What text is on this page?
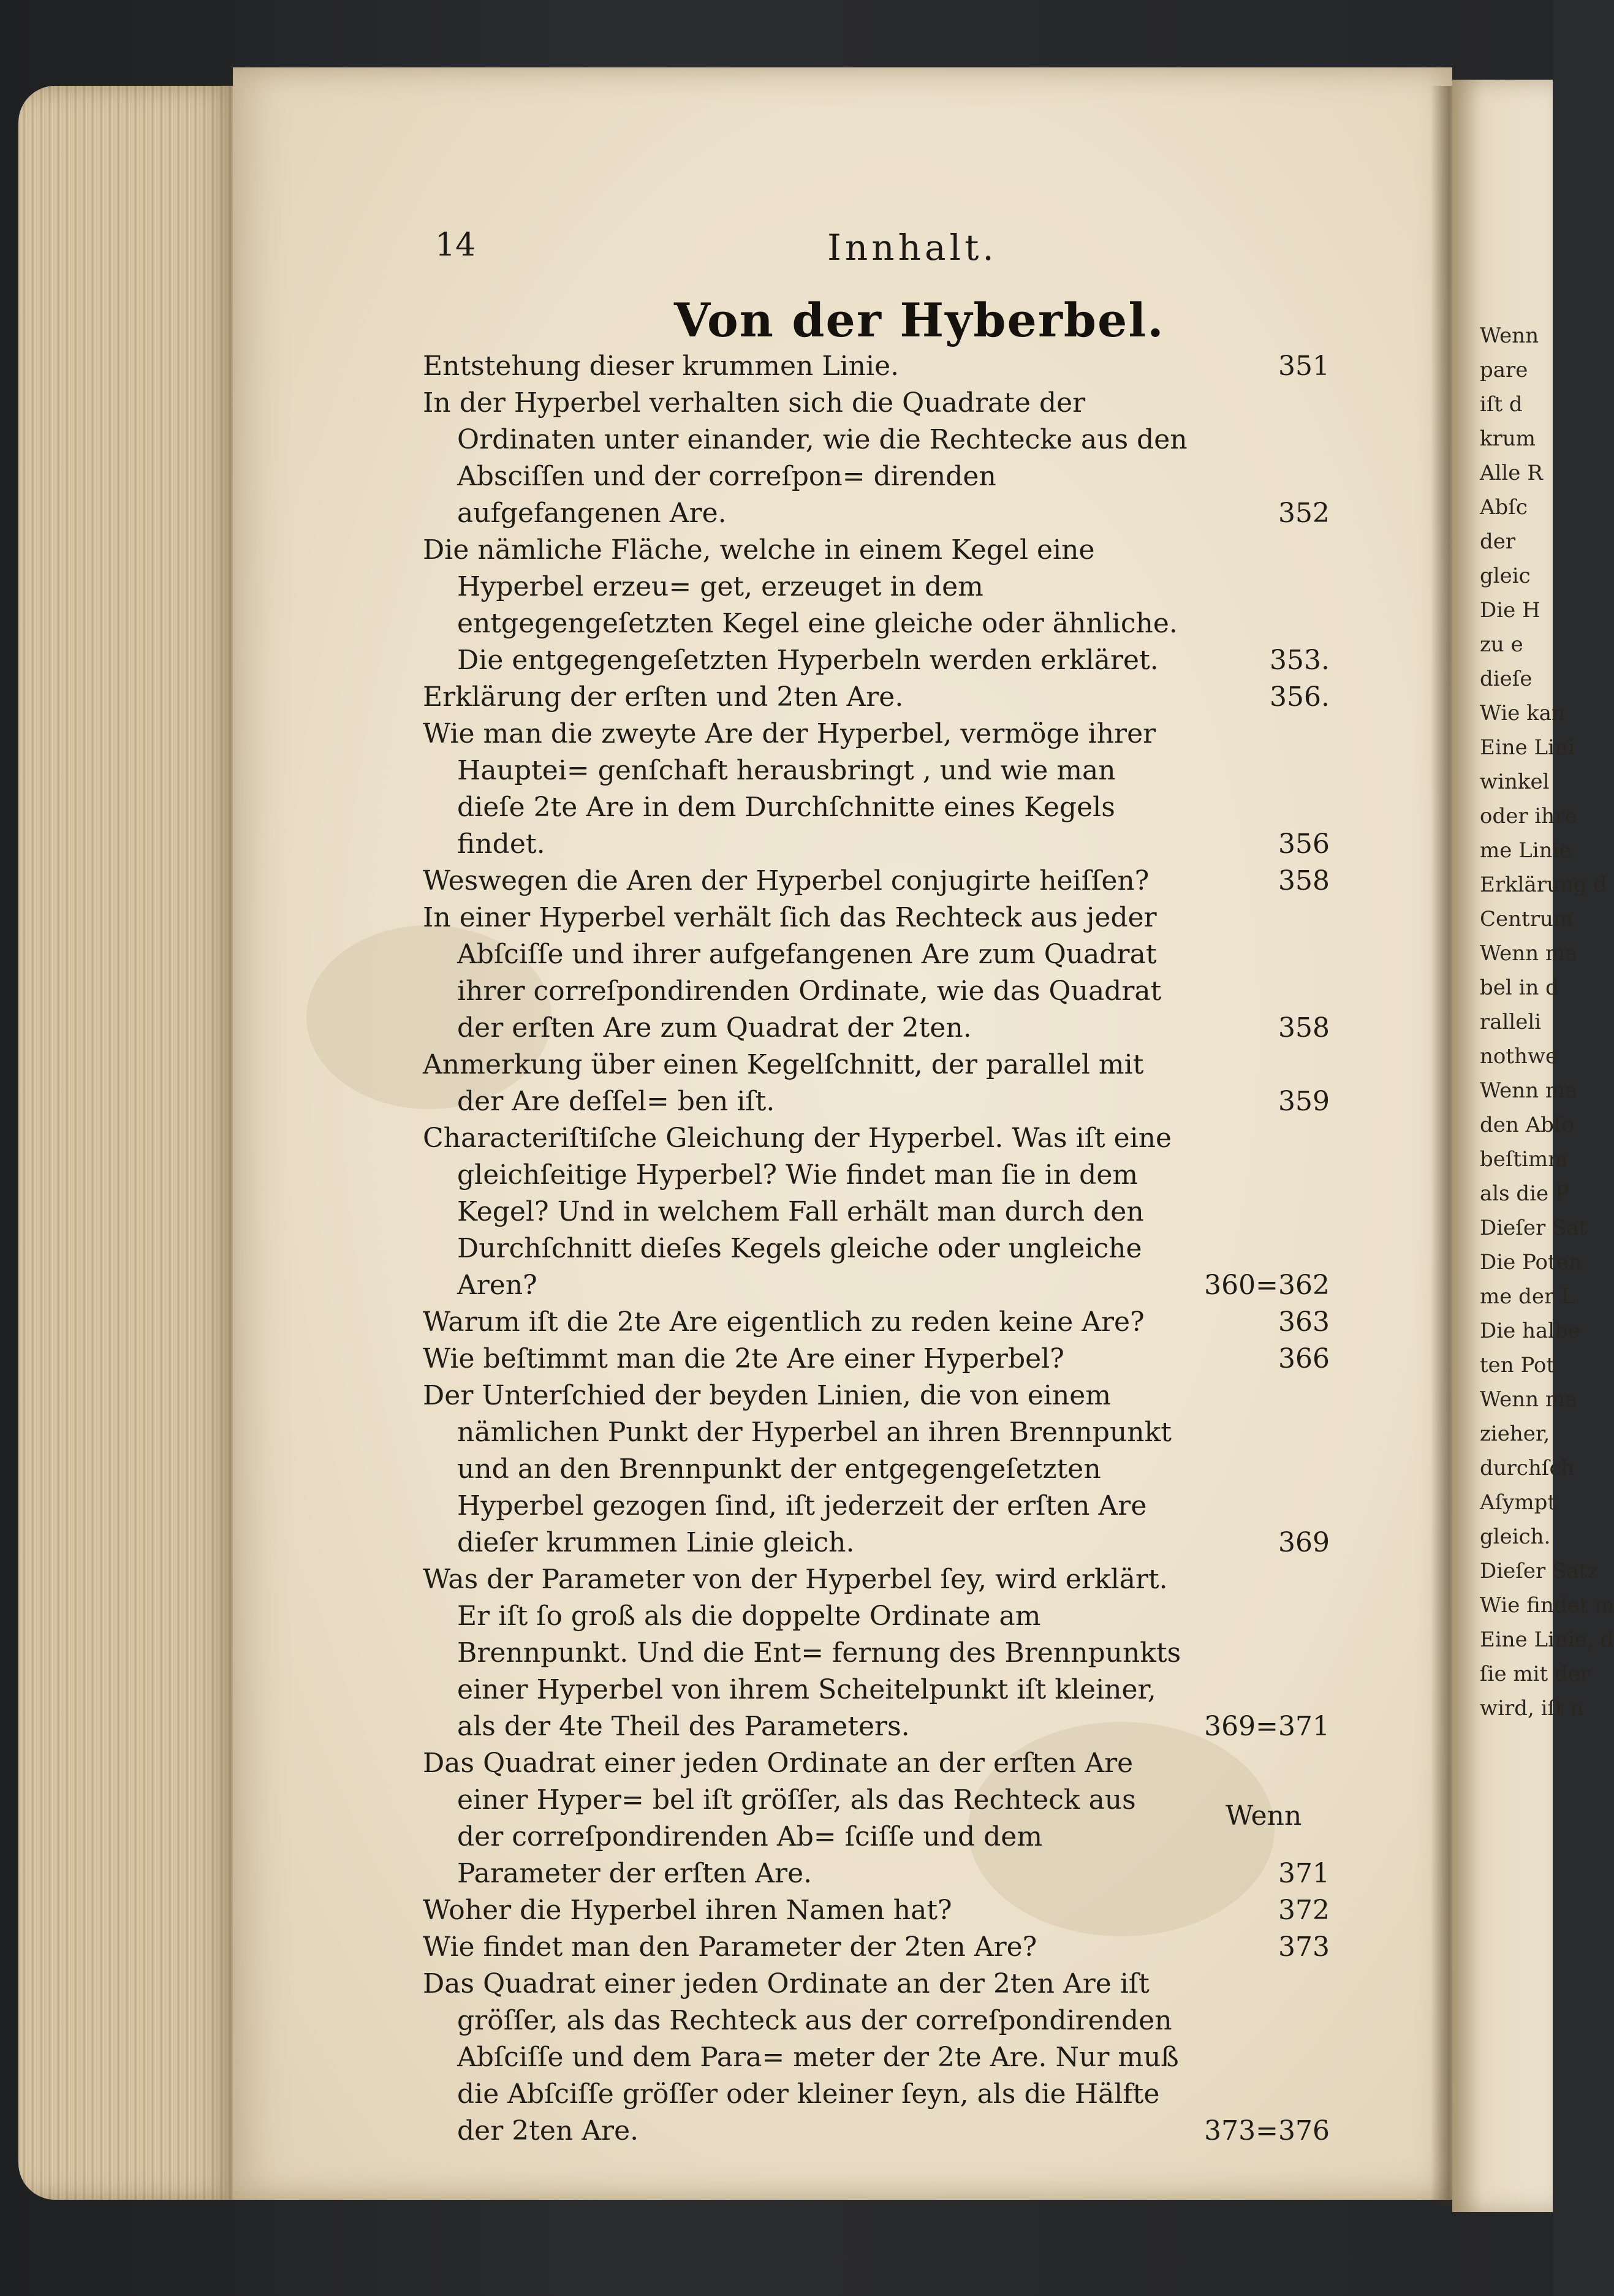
14	Innhalt.
Von der Hyberbel.

Entstehung dieser krummen Linie.	351

In der Hyperbel verhalten sich die Quadrate der Ordinaten unter einander, wie die Rechtecke aus den Absciſſen und der correſpon= direnden aufgefangenen Are.	352

Die nämliche Fläche, welche in einem Kegel eine Hyperbel erzeu= get, erzeuget in dem entgegengeſetzten Kegel eine gleiche oder ähnliche. Die entgegengeſetzten Hyperbeln werden erkläret.	353.

Erklärung der erſten und 2ten Are.	356.

Wie man die zweyte Are der Hyperbel, vermöge ihrer Hauptei= genſchaft herausbringt , und wie man dieſe 2te Are in dem Durchſchnitte eines Kegels findet.	356

Weswegen die Aren der Hyperbel conjugirte heiſſen?	358

In einer Hyperbel verhält ſich das Rechteck aus jeder Abſciſſe und ihrer aufgefangenen Are zum Quadrat ihrer correſpondirenden Ordinate, wie das Quadrat der erſten Are zum Quadrat der 2ten.	358

Anmerkung über einen Kegelſchnitt, der parallel mit der Are deſſel= ben iſt.	359

Characteriſtiſche Gleichung der Hyperbel. Was iſt eine gleichſeitige Hyperbel? Wie findet man ſie in dem Kegel? Und in welchem Fall erhält man durch den Durchſchnitt dieſes Kegels gleiche oder ungleiche Aren?	360=362

Warum iſt die 2te Are eigentlich zu reden keine Are?	363

Wie beſtimmt man die 2te Are einer Hyperbel?	366

Der Unterſchied der beyden Linien, die von einem nämlichen Punkt der Hyperbel an ihren Brennpunkt und an den Brennpunkt der entgegengeſetzten Hyperbel gezogen ſind, iſt jederzeit der erſten Are dieſer krummen Linie gleich.	369

Was der Parameter von der Hyperbel ſey, wird erklärt. Er iſt ſo groß als die doppelte Ordinate am Brennpunkt. Und die Ent= fernung des Brennpunkts einer Hyperbel von ihrem Scheitelpunkt iſt kleiner, als der 4te Theil des Parameters.	369=371

Das Quadrat einer jeden Ordinate an der erſten Are einer Hyper= bel iſt gröſſer, als das Rechteck aus der correſpondirenden Ab= ſciſſe und dem Parameter der erſten Are.	371

Woher die Hyperbel ihren Namen hat?	372

Wie findet man den Parameter der 2ten Are?	373

Das Quadrat einer jeden Ordinate an der 2ten Are iſt gröſſer, als das Rechteck aus der correſpondirenden Abſciſſe und dem Para= meter der 2te Are. Nur muß die Abſciſſe gröſſer oder kleiner ſeyn, als die Hälfte der 2ten Are.	373=376

Wenn
Wenn
pare
iſt d
krum
Alle R
Abſc
der
gleic
Die H
zu e
dieſe
Wie kan
Eine Lini
winkel
oder ihre
me Linie
Erklärung d
Centrum
Wenn ma
bel in d
ralleli
nothwe
Wenn ma
den Abſo
beſtimm
als die P
Dieſer Sat
Die Poten
me der L
Die halbe
ten Pot
Wenn ma
zieher,
durchſch
Aſympt
gleich.
Dieſer Satz
Wie findet m
Eine Linie, d
ſie mit der
wird, iſt n
